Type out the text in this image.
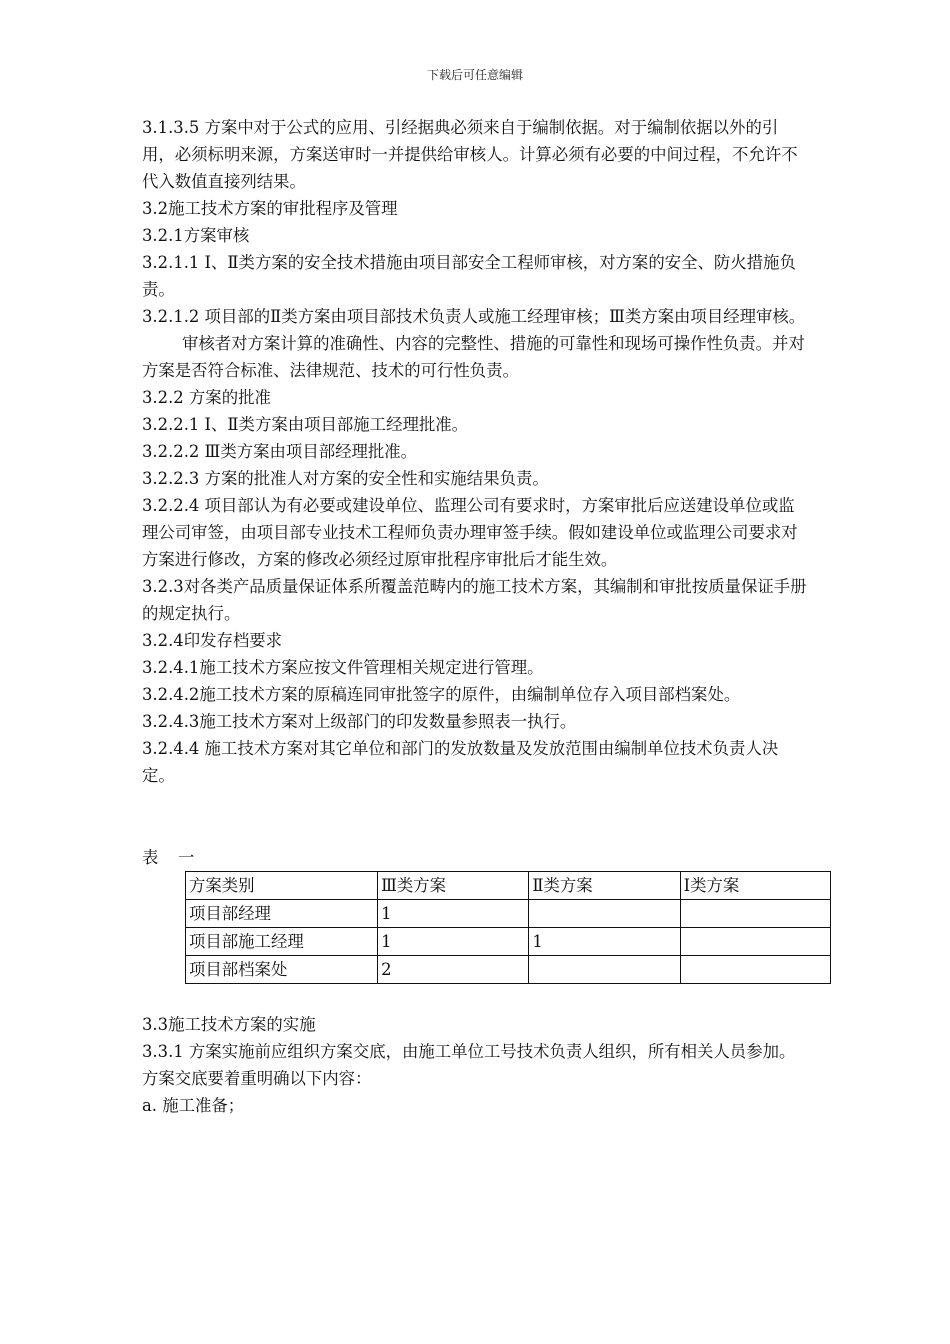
下载后可任意编辑

3.1.3.5 方案中对于公式的应用、引经据典必须来自于编制依据。对于编制依据以外的引用，必须标明来源，方案送审时一并提供给审核人。计算必须有必要的中间过程，不允许不代入数值直接列结果。

3.2施工技术方案的审批程序及管理

3.2.1方案审核

3.2.1.1 Ⅰ、Ⅱ类方案的安全技术措施由项目部安全工程师审核，对方案的安全、防火措施负责。

3.2.1.2 项目部的Ⅱ类方案由项目部技术负责人或施工经理审核；Ⅲ类方案由项目经理审核。

审核者对方案计算的准确性、内容的完整性、措施的可靠性和现场可操作性负责。并对方案是否符合标准、法律规范、技术的可行性负责。

3.2.2 方案的批准

3.2.2.1 Ⅰ、Ⅱ类方案由项目部施工经理批准。

3.2.2.2 Ⅲ类方案由项目部经理批准。

3.2.2.3 方案的批准人对方案的安全性和实施结果负责。

3.2.2.4 项目部认为有必要或建设单位、监理公司有要求时，方案审批后应送建设单位或监理公司审签，由项目部专业技术工程师负责办理审签手续。假如建设单位或监理公司要求对方案进行修改，方案的修改必须经过原审批程序审批后才能生效。

3.2.3对各类产品质量保证体系所覆盖范畴内的施工技术方案，其编制和审批按质量保证手册的规定执行。

3.2.4印发存档要求

3.2.4.1施工技术方案应按文件管理相关规定进行管理。

3.2.4.2施工技术方案的原稿连同审批签字的原件，由编制单位存入项目部档案处。

3.2.4.3施工技术方案对上级部门的印发数量参照表一执行。

3.2.4.4 施工技术方案对其它单位和部门的发放数量及发放范围由编制单位技术负责人决定。

表 一

方案类别	Ⅲ类方案	Ⅱ类方案	Ⅰ类方案
项目部经理	1		
项目部施工经理	1	1	
项目部档案处	2		

3.3施工技术方案的实施

3.3.1 方案实施前应组织方案交底，由施工单位工号技术负责人组织，所有相关人员参加。方案交底要着重明确以下内容：

a. 施工准备；
